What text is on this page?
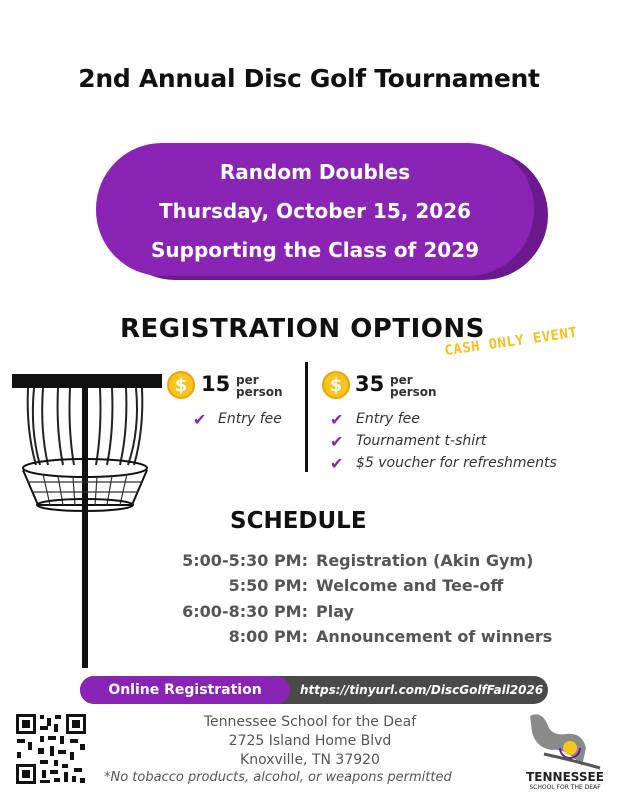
2nd Annual Disc Golf Tournament
Random Doubles
Thursday, October 15, 2026
Supporting the Class of 2029
REGISTRATION OPTIONS
CASH ONLY EVENT
$ 15 per
person
✔ Entry fee
$ 35 per
person
✔ Entry fee
✔ Tournament t-shirt
✔ $5 voucher for refreshments
SCHEDULE
5:00-5:30 PM: Registration (Akin Gym)
5:50 PM: Welcome and Tee-off
6:00-8:30 PM: Play
8:00 PM: Announcement of winners
Online Registration	https://tinyurl.com/DiscGolfFall2026
Tennessee School for the Deaf
2725 Island Home Blvd
Knoxville, TN 37920
*No tobacco products, alcohol, or weapons permitted	TENNESSEE
SCHOOL FOR THE DEAF
